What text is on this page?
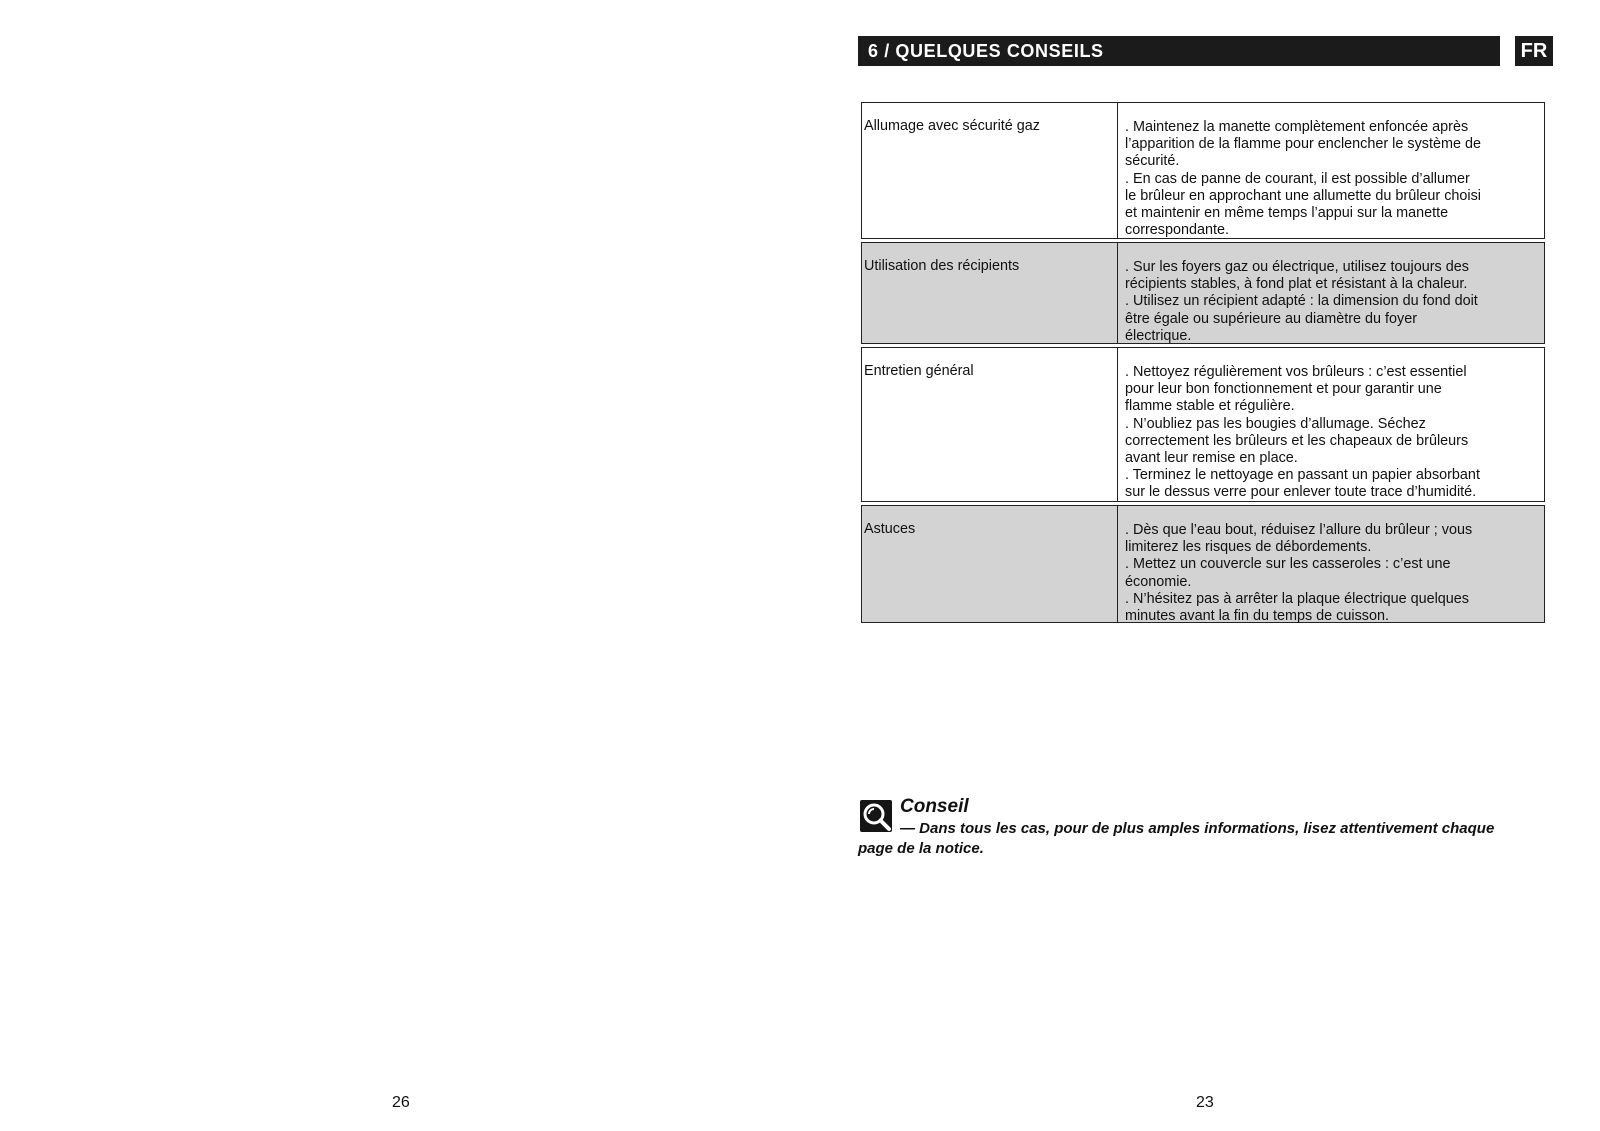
6 / QUELQUES CONSEILS	FR
Allumage avec sécurité gaz	. Maintenez la manette complètement enfoncée après
l’apparition de la flamme pour enclencher le système de
sécurité.
. En cas de panne de courant, il est possible d’allumer
le brûleur en approchant une allumette du brûleur choisi
et maintenir en même temps l’appui sur la manette
correspondante.
Utilisation des récipients	. Sur les foyers gaz ou électrique, utilisez toujours des
récipients stables, à fond plat et résistant à la chaleur.
. Utilisez un récipient adapté : la dimension du fond doit
être égale ou supérieure au diamètre du foyer
électrique.
Entretien général	. Nettoyez régulièrement vos brûleurs : c’est essentiel
pour leur bon fonctionnement et pour garantir une
flamme stable et régulière.
. N’oubliez pas les bougies d’allumage. Séchez
correctement les brûleurs et les chapeaux de brûleurs
avant leur remise en place.
. Terminez le nettoyage en passant un papier absorbant
sur le dessus verre pour enlever toute trace d’humidité.
Astuces	. Dès que l’eau bout, réduisez l’allure du brûleur ; vous
limiterez les risques de débordements.
. Mettez un couvercle sur les casseroles : c’est une
économie.
. N’hésitez pas à arrêter la plaque électrique quelques
minutes avant la fin du temps de cuisson.
Conseil
— Dans tous les cas, pour de plus amples informations, lisez attentivement chaque
page de la notice.
26	23
